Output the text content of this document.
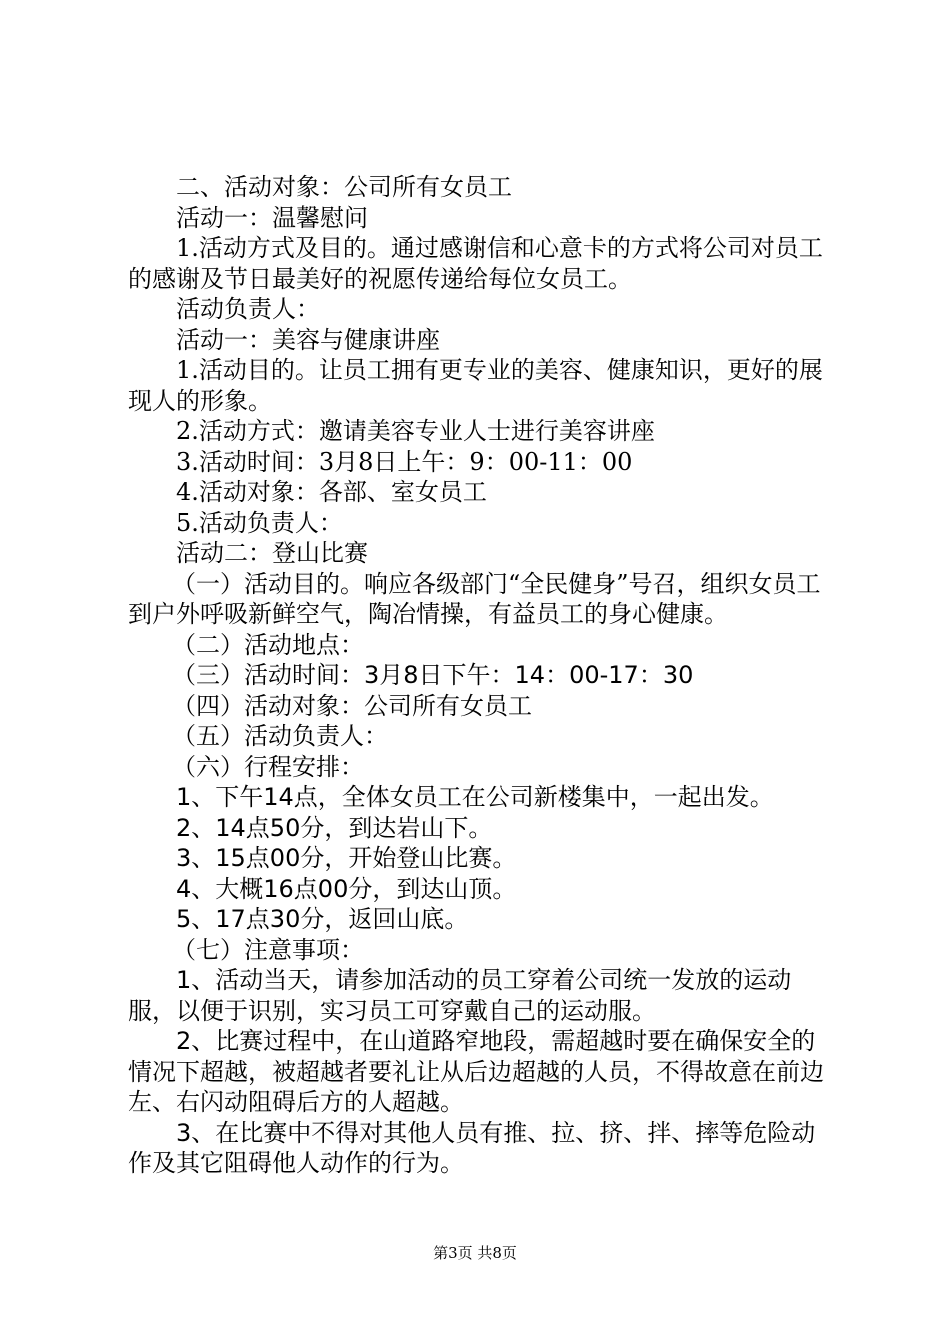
二、活动对象：公司所有女员工

活动一：温馨慰问

1.活动方式及目的。通过感谢信和心意卡的方式将公司对员工的感谢及节日最美好的祝愿传递给每位女员工。

活动负责人：

活动一：美容与健康讲座

1.活动目的。让员工拥有更专业的美容、健康知识，更好的展现人的形象。

2.活动方式：邀请美容专业人士进行美容讲座

3.活动时间：3月8日上午：9：00-11：00

4.活动对象：各部、室女员工

5.活动负责人：

活动二：登山比赛

（一）活动目的。响应各级部门“全民健身”号召，组织女员工到户外呼吸新鲜空气，陶冶情操，有益员工的身心健康。

（二）活动地点：

（三）活动时间：3月8日下午：14：00-17：30

（四）活动对象：公司所有女员工

（五）活动负责人：

（六）行程安排：

1、下午14点，全体女员工在公司新楼集中，一起出发。

2、14点50分，到达岩山下。

3、15点00分，开始登山比赛。

4、大概16点00分，到达山顶。

5、17点30分，返回山底。

（七）注意事项：

1、活动当天，请参加活动的员工穿着公司统一发放的运动服，以便于识别，实习员工可穿戴自己的运动服。

2、比赛过程中，在山道路窄地段，需超越时要在确保安全的情况下超越，被超越者要礼让从后边超越的人员，不得故意在前边左、右闪动阻碍后方的人超越。

3、在比赛中不得对其他人员有推、拉、挤、拌、摔等危险动作及其它阻碍他人动作的行为。

第3页 共8页
